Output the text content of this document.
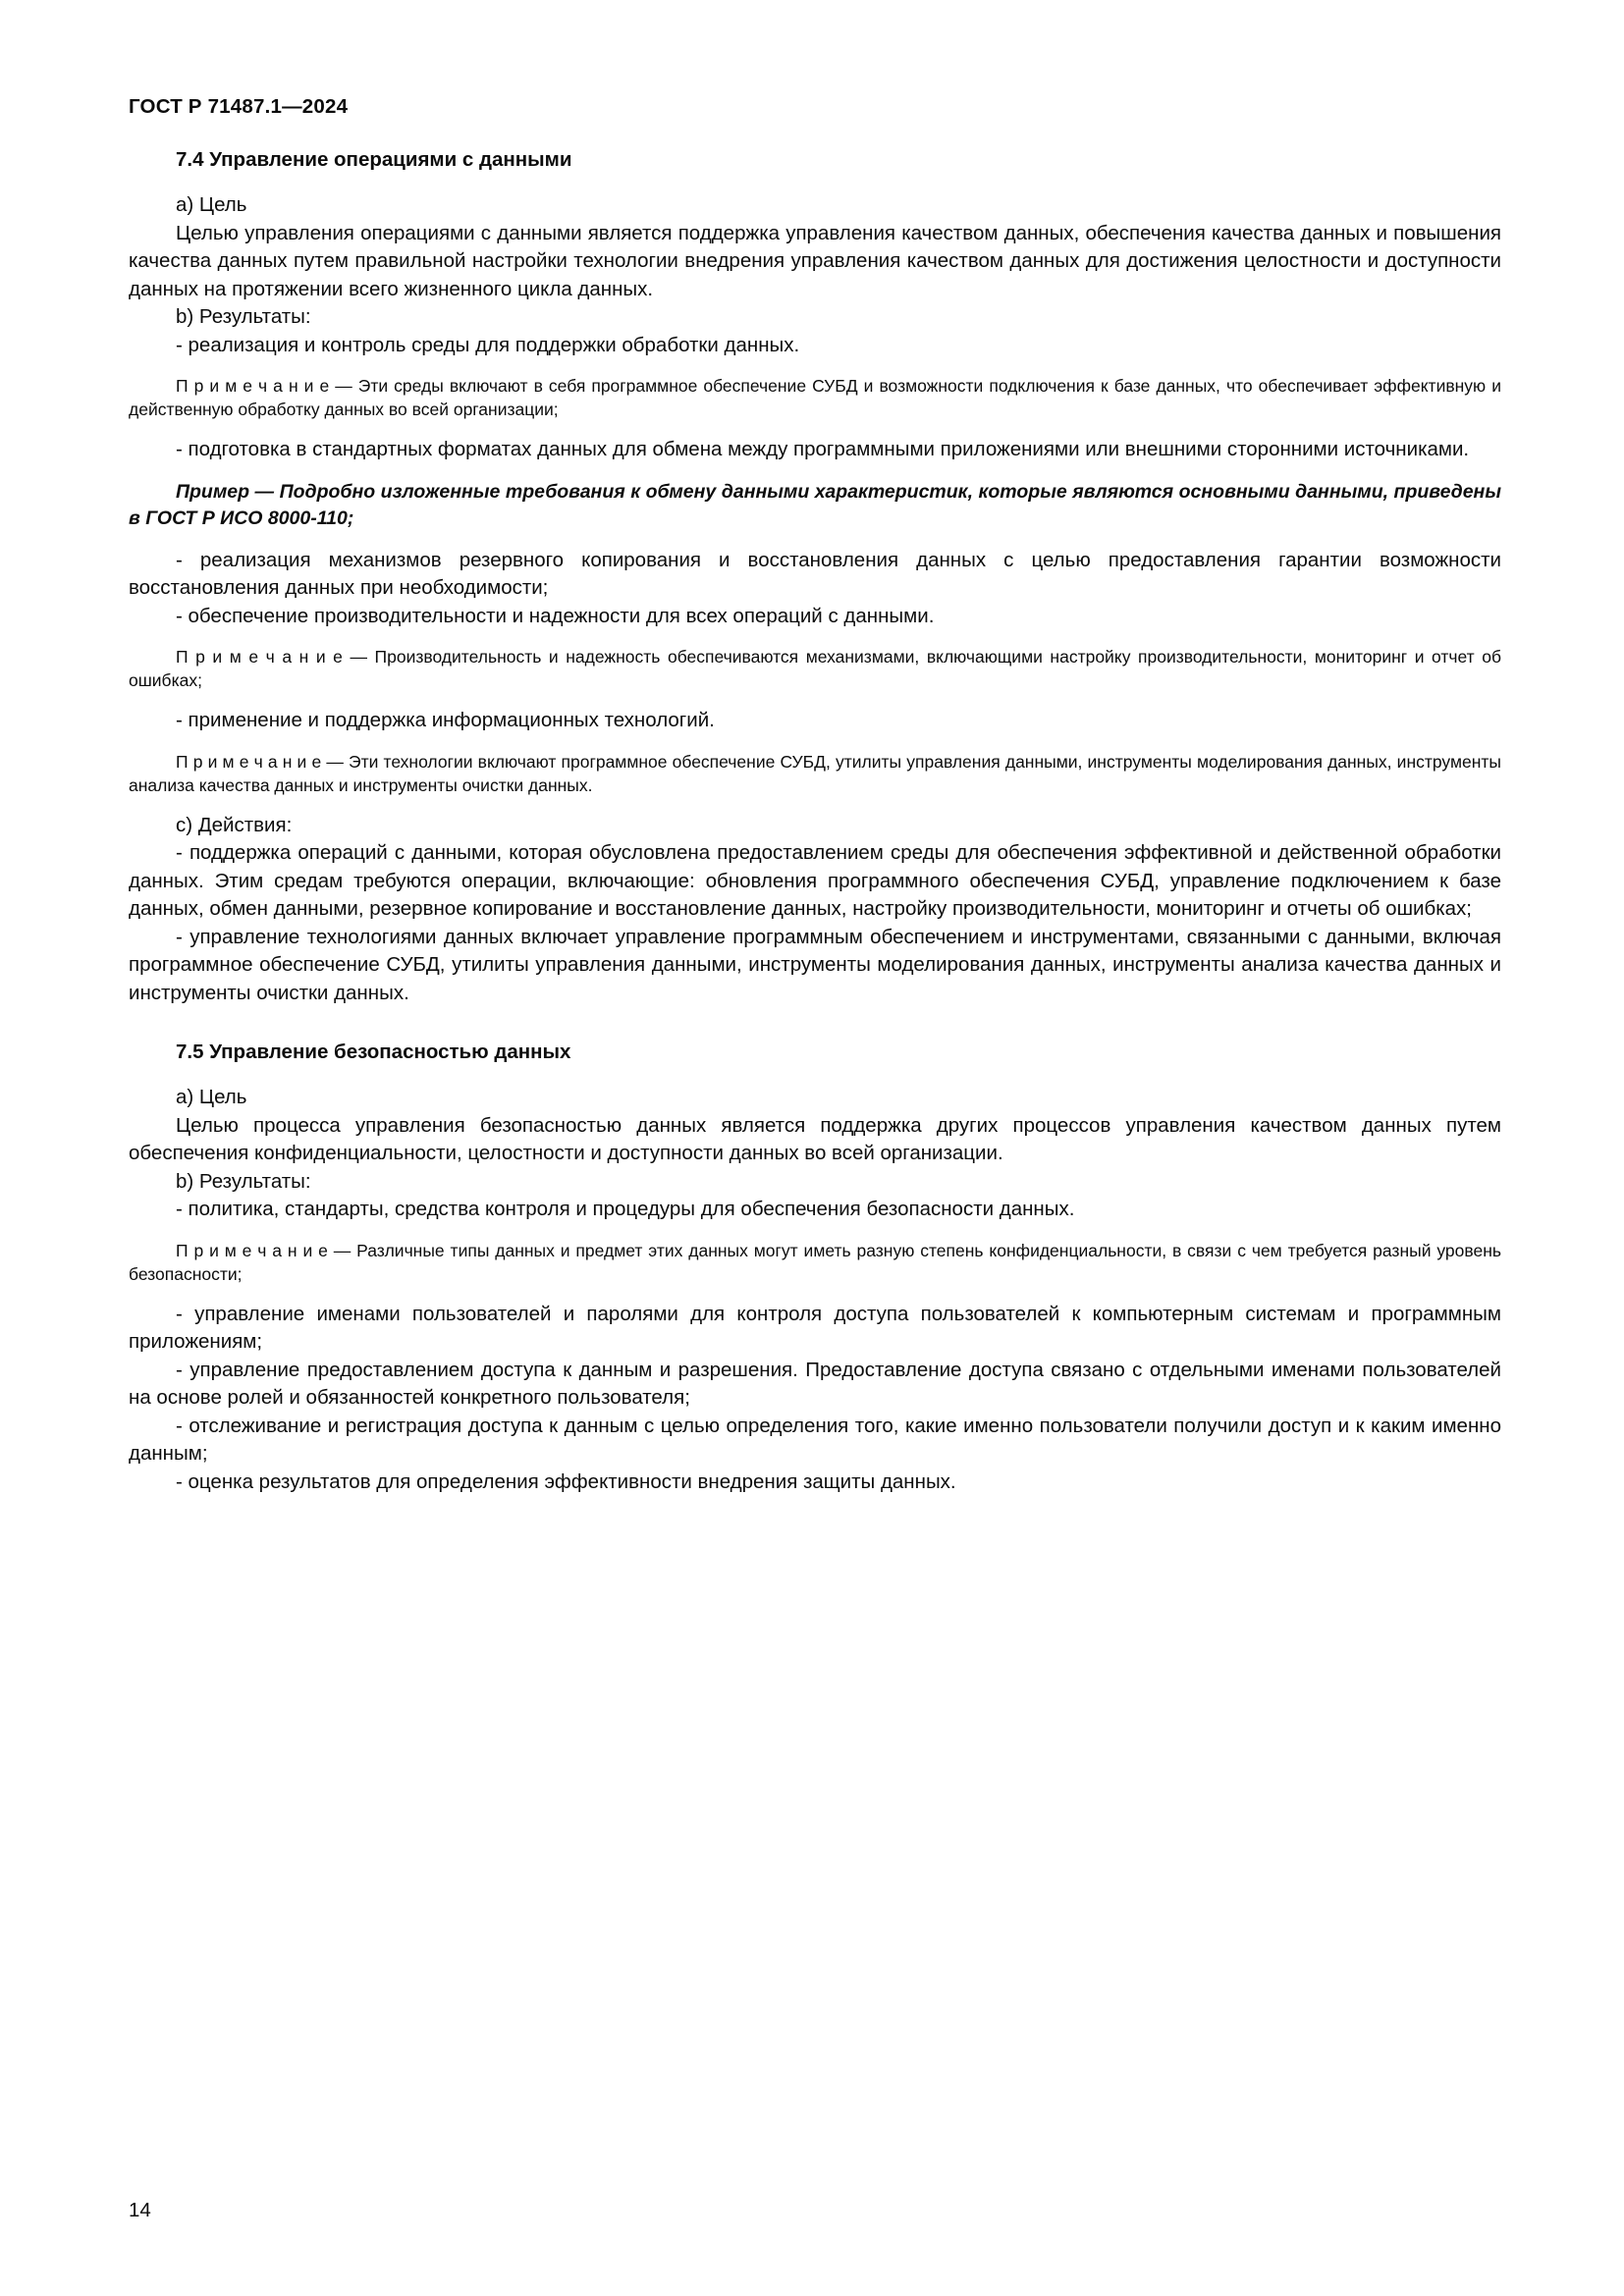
ГОСТ Р 71487.1—2024

7.4 Управление операциями с данными

а) Цель

Целью управления операциями с данными является поддержка управления качеством данных, обеспечения качества данных и повышения качества данных путем правильной настройки технологии внедрения управления качеством данных для достижения целостности и доступности данных на протяжении всего жизненного цикла данных.

b) Результаты:

- реализация и контроль среды для поддержки обработки данных.

П р и м е ч а н и е — Эти среды включают в себя программное обеспечение СУБД и возможности подключения к базе данных, что обеспечивает эффективную и действенную обработку данных во всей организации;

- подготовка в стандартных форматах данных для обмена между программными приложениями или внешними сторонними источниками.

Пример — Подробно изложенные требования к обмену данными характеристик, которые являются основными данными, приведены в ГОСТ Р ИСО 8000-110;

- реализация механизмов резервного копирования и восстановления данных с целью предоставления гарантии возможности восстановления данных при необходимости;

- обеспечение производительности и надежности для всех операций с данными.

П р и м е ч а н и е — Производительность и надежность обеспечиваются механизмами, включающими настройку производительности, мониторинг и отчет об ошибках;

- применение и поддержка информационных технологий.

П р и м е ч а н и е — Эти технологии включают программное обеспечение СУБД, утилиты управления данными, инструменты моделирования данных, инструменты анализа качества данных и инструменты очистки данных.

с) Действия:

- поддержка операций с данными, которая обусловлена предоставлением среды для обеспечения эффективной и действенной обработки данных. Этим средам требуются операции, включающие: обновления программного обеспечения СУБД, управление подключением к базе данных, обмен данными, резервное копирование и восстановление данных, настройку производительности, мониторинг и отчеты об ошибках;

- управление технологиями данных включает управление программным обеспечением и инструментами, связанными с данными, включая программное обеспечение СУБД, утилиты управления данными, инструменты моделирования данных, инструменты анализа качества данных и инструменты очистки данных.

7.5 Управление безопасностью данных

а) Цель

Целью процесса управления безопасностью данных является поддержка других процессов управления качеством данных путем обеспечения конфиденциальности, целостности и доступности данных во всей организации.

b) Результаты:

- политика, стандарты, средства контроля и процедуры для обеспечения безопасности данных.

П р и м е ч а н и е — Различные типы данных и предмет этих данных могут иметь разную степень конфиденциальности, в связи с чем требуется разный уровень безопасности;

- управление именами пользователей и паролями для контроля доступа пользователей к компьютерным системам и программным приложениям;

- управление предоставлением доступа к данным и разрешения. Предоставление доступа связано с отдельными именами пользователей на основе ролей и обязанностей конкретного пользователя;

- отслеживание и регистрация доступа к данным с целью определения того, какие именно пользователи получили доступ и к каким именно данным;

- оценка результатов для определения эффективности внедрения защиты данных.

14
